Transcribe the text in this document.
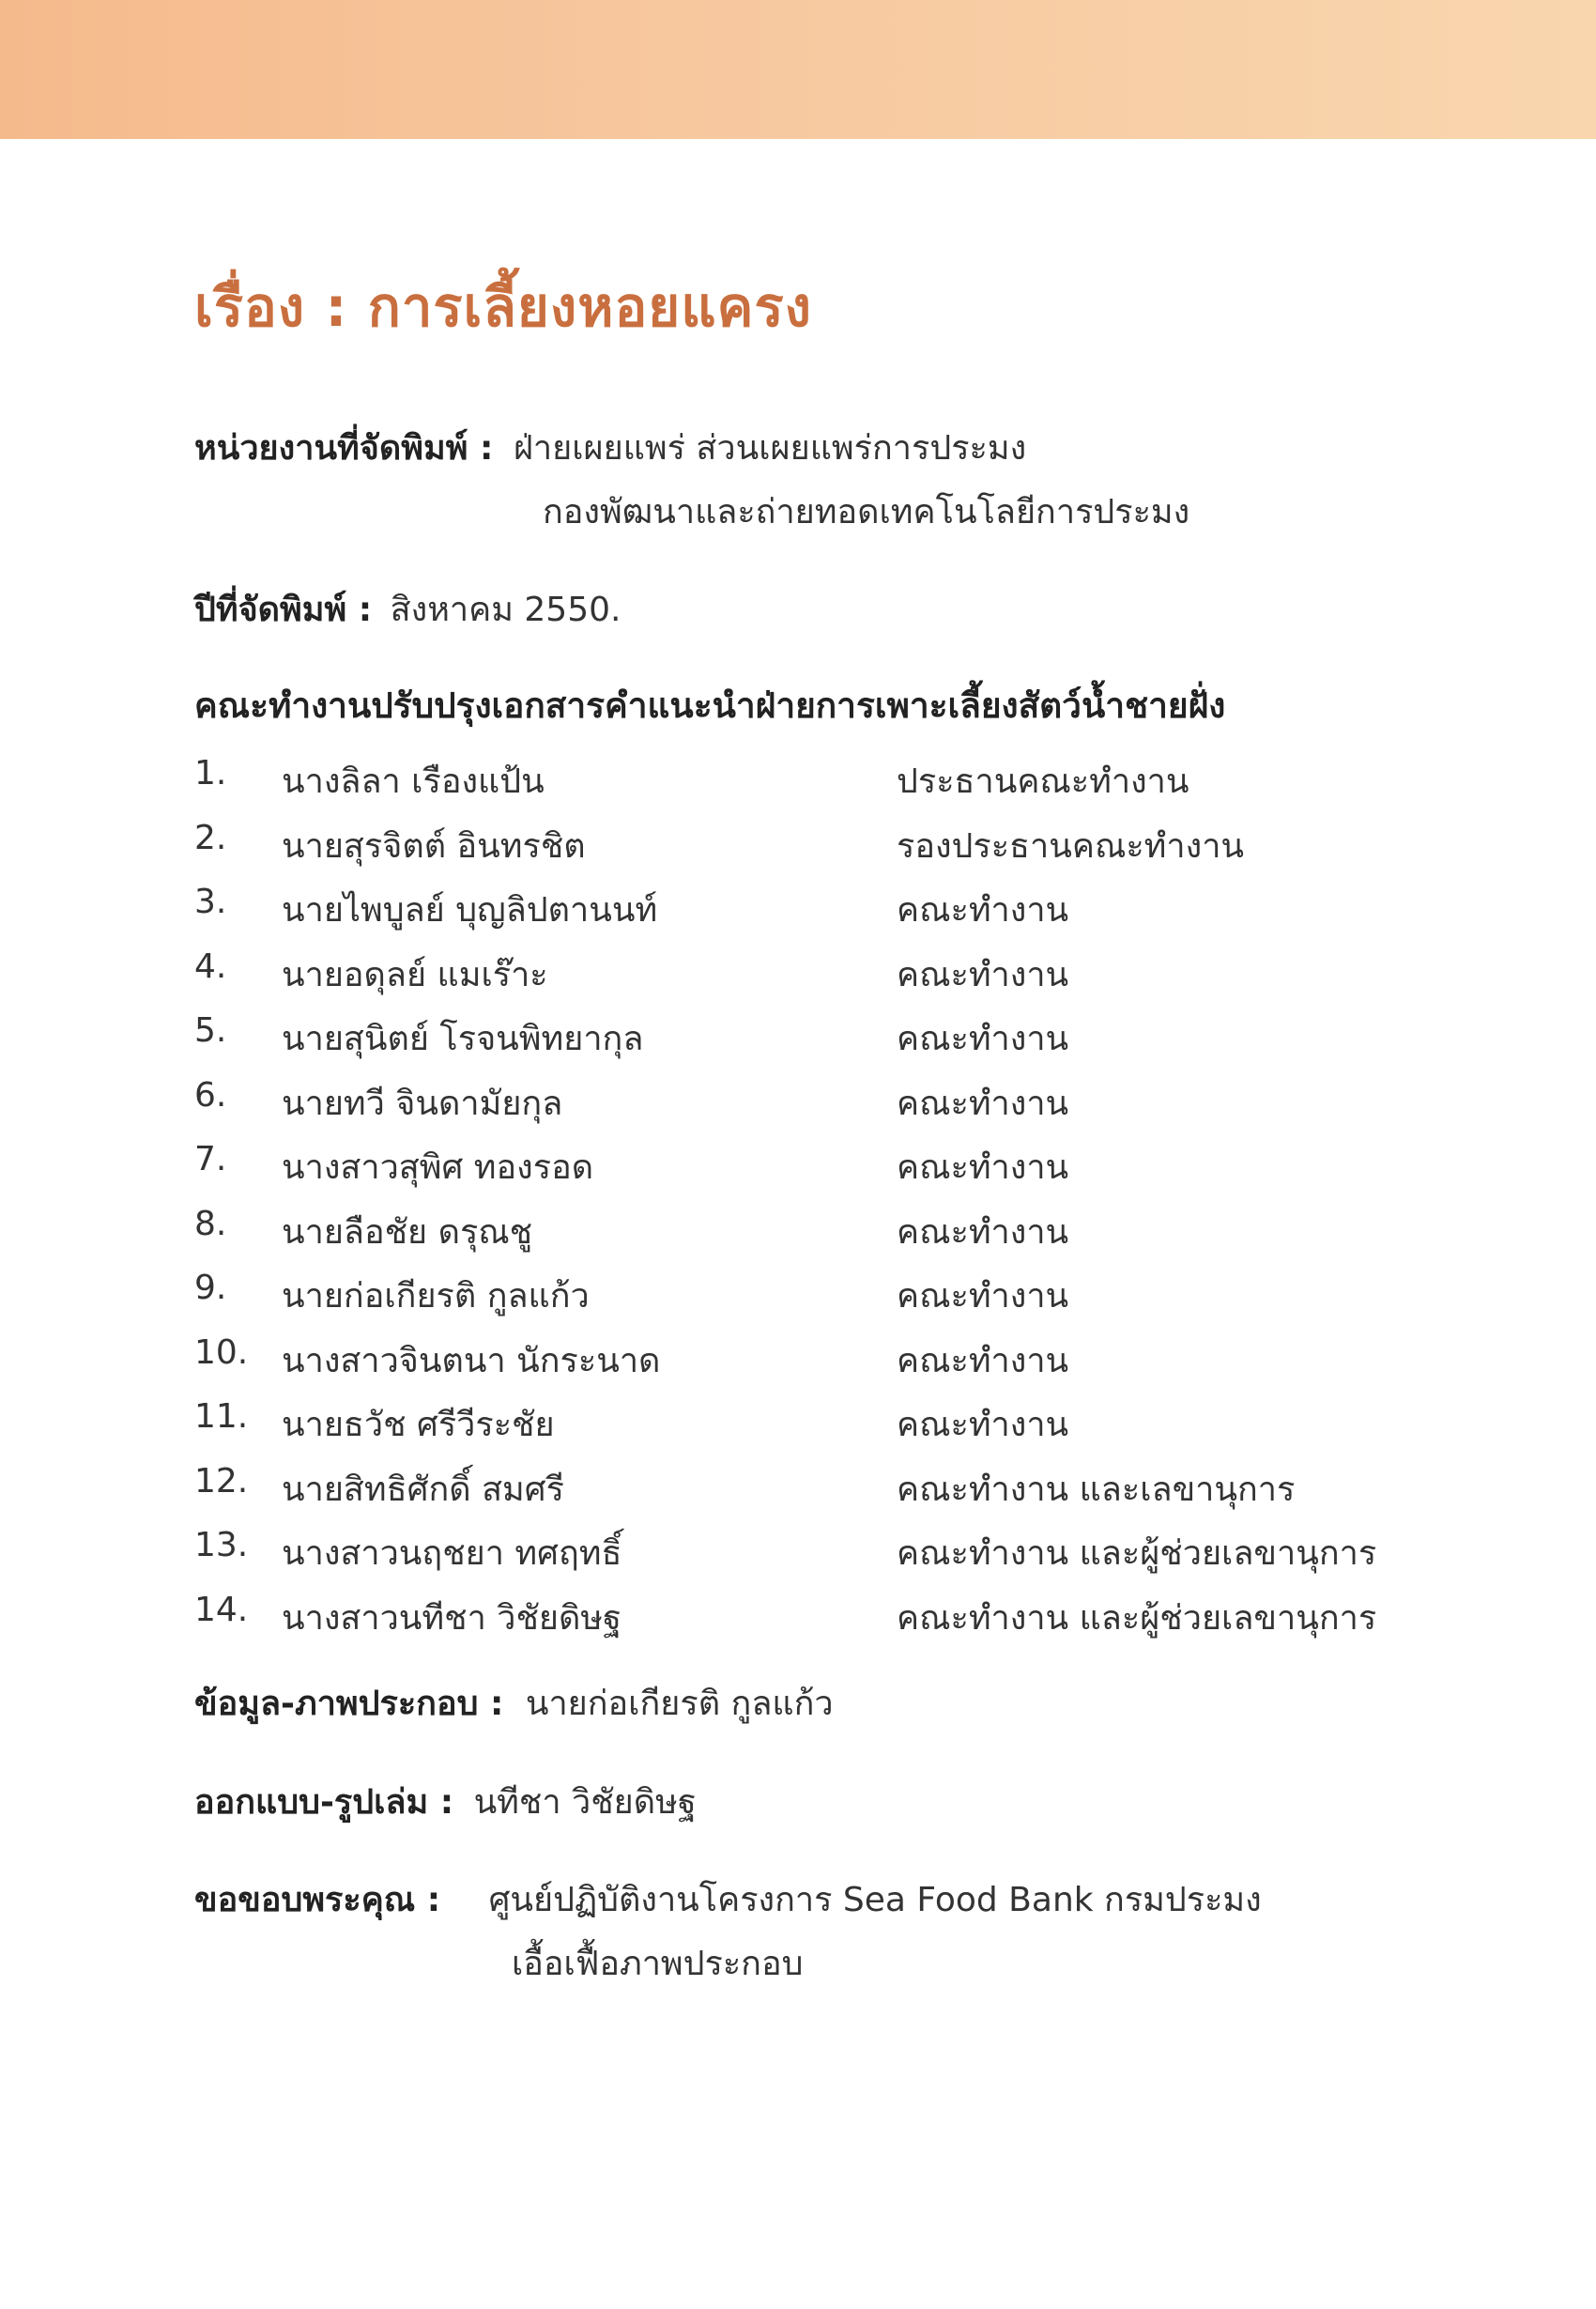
เรื่อง : การเลี้ยงหอยแครง
หน่วยงานที่จัดพิมพ์ : ฝ่ายเผยแพร่ ส่วนเผยแพร่การประมง
กองพัฒนาและถ่ายทอดเทคโนโลยีการประมง
ปีที่จัดพิมพ์ : สิงหาคม 2550.
คณะทำงานปรับปรุงเอกสารคำแนะนำฝ่ายการเพาะเลี้ยงสัตว์น้ำชายฝั่ง
1. นางลิลา เรืองแป้น	ประธานคณะทำงาน
2. นายสุรจิตต์ อินทรชิต	รองประธานคณะทำงาน
3. นายไพบูลย์ บุญลิปตานนท์	คณะทำงาน
4. นายอดุลย์ แมเร๊าะ	คณะทำงาน
5. นายสุนิตย์ โรจนพิทยากุล	คณะทำงาน
6. นายทวี จินดามัยกุล	คณะทำงาน
7. นางสาวสุพิศ ทองรอด	คณะทำงาน
8. นายลือชัย ดรุณชู	คณะทำงาน
9. นายก่อเกียรติ กูลแก้ว	คณะทำงาน
10. นางสาวจินตนา นักระนาด	คณะทำงาน
11. นายธวัช ศรีวีระชัย	คณะทำงาน
12. นายสิทธิศักดิ์ สมศรี	คณะทำงาน และเลขานุการ
13. นางสาวนฤชยา ทศฤทธิ์	คณะทำงาน และผู้ช่วยเลขานุการ
14. นางสาวนทีชา วิชัยดิษฐ	คณะทำงาน และผู้ช่วยเลขานุการ
ข้อมูล-ภาพประกอบ : นายก่อเกียรติ กูลแก้ว
ออกแบบ-รูปเล่ม : นทีชา วิชัยดิษฐ
ขอขอบพระคุณ : ศูนย์ปฏิบัติงานโครงการ Sea Food Bank กรมประมง
เอื้อเฟื้อภาพประกอบ
